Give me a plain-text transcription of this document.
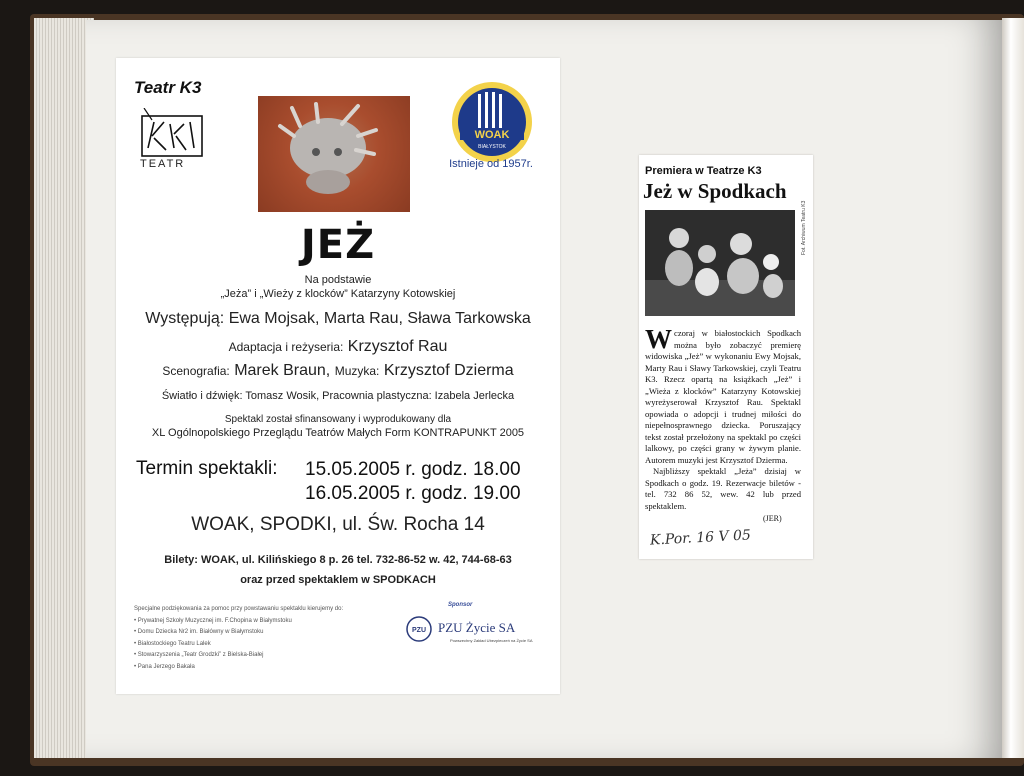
Teatr K3
TEATR
WOAK
BIAŁYSTOK
Istnieje od 1957r.
JEŻ
Na podstawie
„Jeża” i „Wieży z klocków” Katarzyny Kotowskiej
Występują: Ewa Mojsak, Marta Rau, Sława Tarkowska
Adaptacja i reżyseria: Krzysztof Rau
Scenografia: Marek Braun, Muzyka: Krzysztof Dzierma
Światło i dźwięk: Tomasz Wosik, Pracownia plastyczna: Izabela Jerlecka
Spektakl został sfinansowany i wyprodukowany dla
XL Ogólnopolskiego Przeglądu Teatrów Małych Form KONTRAPUNKT 2005
Termin spektakli: 15.05.2005 r. godz. 18.00
16.05.2005 r. godz. 19.00
WOAK, SPODKI, ul. Św. Rocha 14
Bilety: WOAK, ul. Kilińskiego 8 p. 26 tel. 732-86-52 w. 42, 744-68-63
oraz przed spektaklem w SPODKACH
Specjalne podziękowania za pomoc przy powstawaniu spektaklu kierujemy do:
• Prywatnej Szkoły Muzycznej im. F.Chopina w Białymstoku
• Domu Dziecka Nr2 im. Białówny w Białymstoku
• Białostockiego Teatru Lalek
• Stowarzyszenia „Teatr Grodzki” z Bielska-Białej
• Pana Jerzego Bakała
Sponsor
PZU PZU Życie SA
Powszechny Zakład Ubezpieczeń na Życie SA
Premiera w Teatrze K3
Jeż w Spodkach
Fot. Archiwum Teatru K3
Wczoraj w białostockich Spodkach można było zobaczyć premierę widowiska „Jeż” w wykonaniu Ewy Mojsak, Marty Rau i Sławy Tarkowskiej, czyli Teatru K3. Rzecz opartą na książkach „Jeż” i „Wieża z klocków” Katarzyny Kotowskiej wyreżyserował Krzysztof Rau. Spektakl opowiada o adopcji i trudnej miłości do niepełnosprawnego dziecka. Poruszający tekst został przełożony na spektakl po części lalkowy, po części grany w żywym planie. Autorem muzyki jest Krzysztof Dzierma.
Najbliższy spektakl „Jeża” dzisiaj w Spodkach o godz. 19. Rezerwacje biletów - tel. 732 86 52, wew. 42 lub przed spektaklem.
(JER)
K.Por. 16 V 05
